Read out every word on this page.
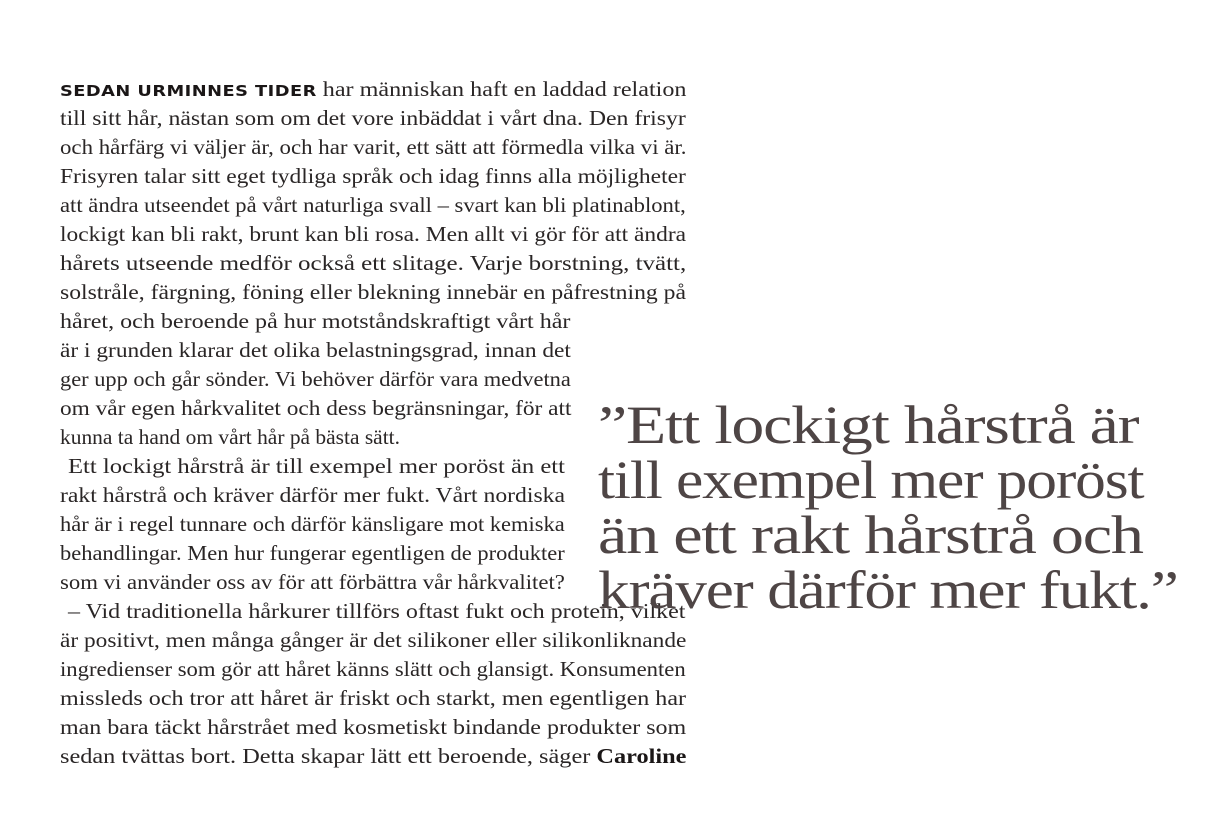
SEDAN URMINNES TIDER har människan haft en laddad relation
till sitt hår, nästan som om det vore inbäddat i vårt dna. Den frisyr
och hårfärg vi väljer är, och har varit, ett sätt att förmedla vilka vi är.
Frisyren talar sitt eget tydliga språk och idag finns alla möjligheter
att ändra utseendet på vårt naturliga svall – svart kan bli platinablont,
lockigt kan bli rakt, brunt kan bli rosa. Men allt vi gör för att ändra
hårets utseende medför också ett slitage. Varje borstning, tvätt,
solstråle, färgning, föning eller blekning innebär en påfrestning på
håret, och beroende på hur motståndskraftigt vårt hår
är i grunden klarar det olika belastningsgrad, innan det
ger upp och går sönder. Vi behöver därför vara medvetna
om vår egen hårkvalitet och dess begränsningar, för att
kunna ta hand om vårt hår på bästa sätt.
Ett lockigt hårstrå är till exempel mer poröst än ett
rakt hårstrå och kräver därför mer fukt. Vårt nordiska
hår är i regel tunnare och därför känsligare mot kemiska
behandlingar. Men hur fungerar egentligen de produkter
som vi använder oss av för att förbättra vår hårkvalitet?
– Vid traditionella hårkurer tillförs oftast fukt och protein, vilket
är positivt, men många gånger är det silikoner eller silikonliknande
ingredienser som gör att håret känns slätt och glansigt. Konsumenten
missleds och tror att håret är friskt och starkt, men egentligen har
man bara täckt hårstrået med kosmetiskt bindande produkter som
sedan tvättas bort. Detta skapar lätt ett beroende, säger Caroline
”Ett lockigt hårstrå är
till exempel mer poröst
än ett rakt hårstrå och
kräver därför mer fukt.”
